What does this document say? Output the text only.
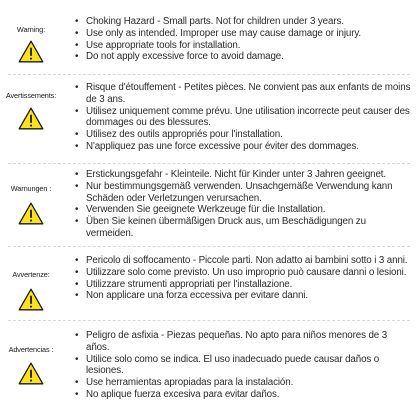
Warning:
• Choking Hazard - Small parts. Not for children under 3 years.
• Use only as intended. Improper use may cause damage or injury.
• Use appropriate tools for installation.
• Do not apply excessive force to avoid damage.
Avertissements:
• Risque d'étouffement - Petites pièces. Ne convient pas aux enfants de moins de 3 ans.
• Utilisez uniquement comme prévu. Une utilisation incorrecte peut causer des dommages ou des blessures.
• Utilisez des outils appropriés pour l'installation.
• N'appliquez pas une force excessive pour éviter des dommages.
Warnungen :
• Erstickungsgefahr - Kleinteile. Nicht für Kinder unter 3 Jahren geeignet.
• Nur bestimmungsgemäß verwenden. Unsachgemäße Verwendung kann Schäden oder Verletzungen verursachen.
• Verwenden Sie geeignete Werkzeuge für die Installation.
• Üben Sie keinen übermäßigen Druck aus, um Beschädigungen zu vermeiden.
Avvertenze:
• Pericolo di soffocamento - Piccole parti. Non adatto ai bambini sotto i 3 anni.
• Utilizzare solo come previsto. Un uso improprio può causare danni o lesioni.
• Utilizzare strumenti appropriati per l'installazione.
• Non applicare una forza eccessiva per evitare danni.
Advertencias :
• Peligro de asfixia - Piezas pequeñas. No apto para niños menores de 3 años.
• Utilice solo como se indica. El uso inadecuado puede causar daños o lesiones.
• Use herramientas apropiadas para la instalación.
• No aplique fuerza excesiva para evitar daños.
